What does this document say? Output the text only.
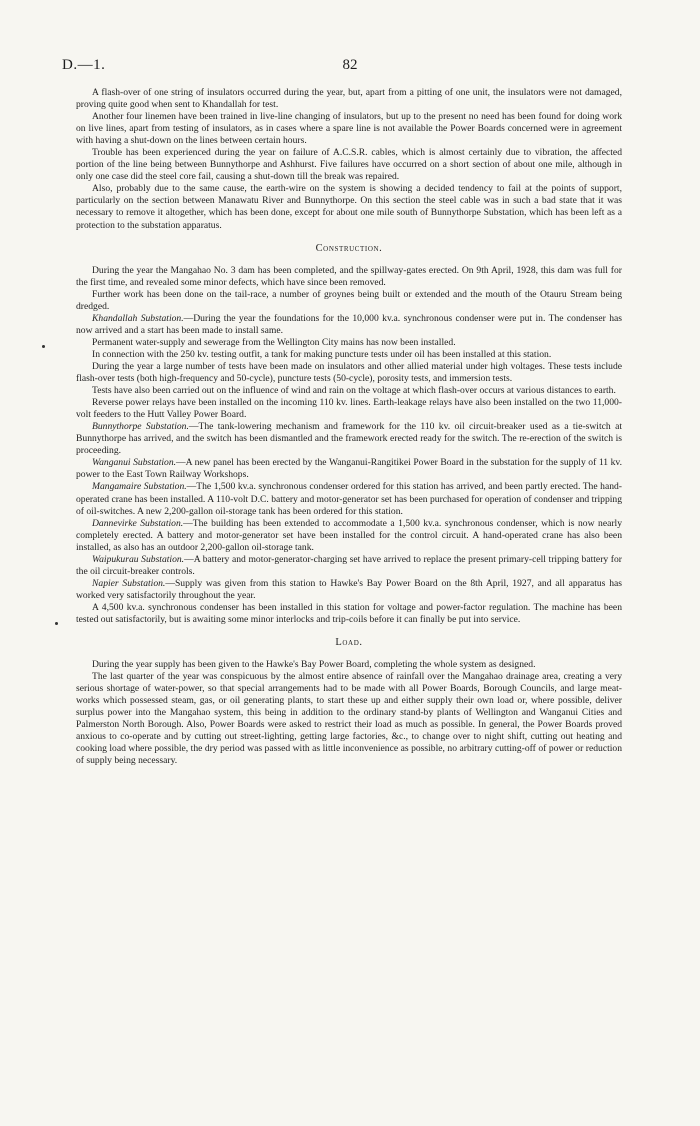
D.—1.	82

A flash-over of one string of insulators occurred during the year, but, apart from a pitting of one unit, the insulators were not damaged, proving quite good when sent to Khandallah for test.

Another four linemen have been trained in live-line changing of insulators, but up to the present no need has been found for doing work on live lines, apart from testing of insulators, as in cases where a spare line is not available the Power Boards concerned were in agreement with having a shut-down on the lines between certain hours.

Trouble has been experienced during the year on failure of A.C.S.R. cables, which is almost certainly due to vibration, the affected portion of the line being between Bunnythorpe and Ashhurst. Five failures have occurred on a short section of about one mile, although in only one case did the steel core fail, causing a shut-down till the break was repaired.

Also, probably due to the same cause, the earth-wire on the system is showing a decided tendency to fail at the points of support, particularly on the section between Manawatu River and Bunnythorpe. On this section the steel cable was in such a bad state that it was necessary to remove it altogether, which has been done, except for about one mile south of Bunnythorpe Substation, which has been left as a protection to the substation apparatus.

Construction.

During the year the Mangahao No. 3 dam has been completed, and the spillway-gates erected. On 9th April, 1928, this dam was full for the first time, and revealed some minor defects, which have since been removed.

Further work has been done on the tail-race, a number of groynes being built or extended and the mouth of the Otauru Stream being dredged.

Khandallah Substation.—During the year the foundations for the 10,000 kv.a. synchronous condenser were put in. The condenser has now arrived and a start has been made to install same.

Permanent water-supply and sewerage from the Wellington City mains has now been installed.

In connection with the 250 kv. testing outfit, a tank for making puncture tests under oil has been installed at this station.

During the year a large number of tests have been made on insulators and other allied material under high voltages. These tests include flash-over tests (both high-frequency and 50-cycle), puncture tests (50-cycle), porosity tests, and immersion tests.

Tests have also been carried out on the influence of wind and rain on the voltage at which flash-over occurs at various distances to earth.

Reverse power relays have been installed on the incoming 110 kv. lines. Earth-leakage relays have also been installed on the two 11,000-volt feeders to the Hutt Valley Power Board.

Bunnythorpe Substation.—The tank-lowering mechanism and framework for the 110 kv. oil circuit-breaker used as a tie-switch at Bunnythorpe has arrived, and the switch has been dismantled and the framework erected ready for the switch. The re-erection of the switch is proceeding.

Wanganui Substation.—A new panel has been erected by the Wanganui-Rangitikei Power Board in the substation for the supply of 11 kv. power to the East Town Railway Workshops.

Mangamaire Substation.—The 1,500 kv.a. synchronous condenser ordered for this station has arrived, and been partly erected. The hand-operated crane has been installed. A 110-volt D.C. battery and motor-generator set has been purchased for operation of condenser and tripping of oil-switches. A new 2,200-gallon oil-storage tank has been ordered for this station.

Dannevirke Substation.—The building has been extended to accommodate a 1,500 kv.a. synchronous condenser, which is now nearly completely erected. A battery and motor-generator set have been installed for the control circuit. A hand-operated crane has also been installed, as also has an outdoor 2,200-gallon oil-storage tank.

Waipukurau Substation.—A battery and motor-generator-charging set have arrived to replace the present primary-cell tripping battery for the oil circuit-breaker controls.

Napier Substation.—Supply was given from this station to Hawke's Bay Power Board on the 8th April, 1927, and all apparatus has worked very satisfactorily throughout the year.

A 4,500 kv.a. synchronous condenser has been installed in this station for voltage and power-factor regulation. The machine has been tested out satisfactorily, but is awaiting some minor interlocks and trip-coils before it can finally be put into service.

Load.

During the year supply has been given to the Hawke's Bay Power Board, completing the whole system as designed.

The last quarter of the year was conspicuous by the almost entire absence of rainfall over the Mangahao drainage area, creating a very serious shortage of water-power, so that special arrangements had to be made with all Power Boards, Borough Councils, and large meat-works which possessed steam, gas, or oil generating plants, to start these up and either supply their own load or, where possible, deliver surplus power into the Mangahao system, this being in addition to the ordinary stand-by plants of Wellington and Wanganui Cities and Palmerston North Borough. Also, Power Boards were asked to restrict their load as much as possible. In general, the Power Boards proved anxious to co-operate and by cutting out street-lighting, getting large factories, &c., to change over to night shift, cutting out heating and cooking load where possible, the dry period was passed with as little inconvenience as possible, no arbitrary cutting-off of power or reduction of supply being necessary.
